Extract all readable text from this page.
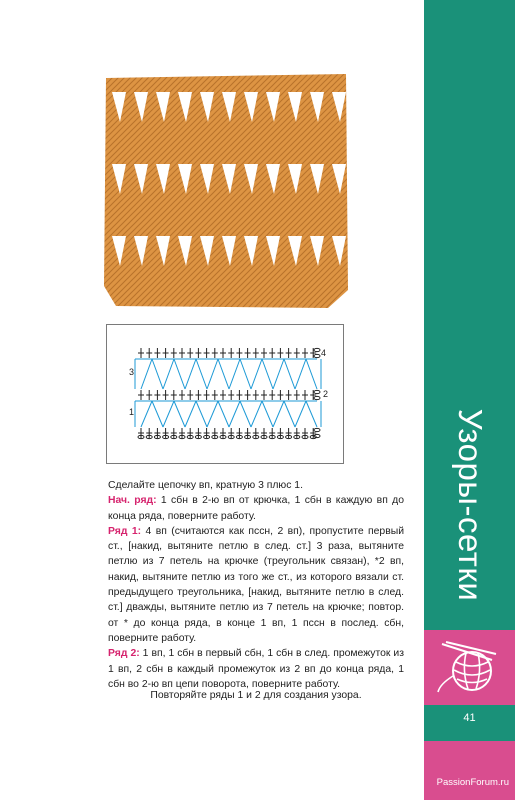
4
3
2
1

Сделайте цепочку вп, кратную 3 плюс 1.

Нач. ряд: 1 сбн в 2-ю вп от крючка, 1 сбн в каждую вп до конца ряда, поверните работу.

Ряд 1: 4 вп (считаются как пссн, 2 вп), пропустите первый ст., [накид, вытяните петлю в след. ст.] 3 раза, вытяните петлю из 7 петель на крючке (треугольник связан), *2 вп, накид, вытяните петлю из того же ст., из которого вязали ст. предыдущего треугольника, [накид, вытяните петлю в след. ст.] дважды, вытяните петлю из 7 петель на крючке; повтор. от * до конца ряда, в конце 1 вп, 1 пссн в послед. сбн, поверните работу.

Ряд 2: 1 вп, 1 сбн в первый сбн, 1 сбн в след. промежуток из 1 вп, 2 сбн в каждый промежуток из 2 вп до конца ряда, 1 сбн во 2-ю вп цепи поворота, поверните работу.

Повторяйте ряды 1 и 2 для создания узора.
Узоры-сетки
41
PassionForum.ru
